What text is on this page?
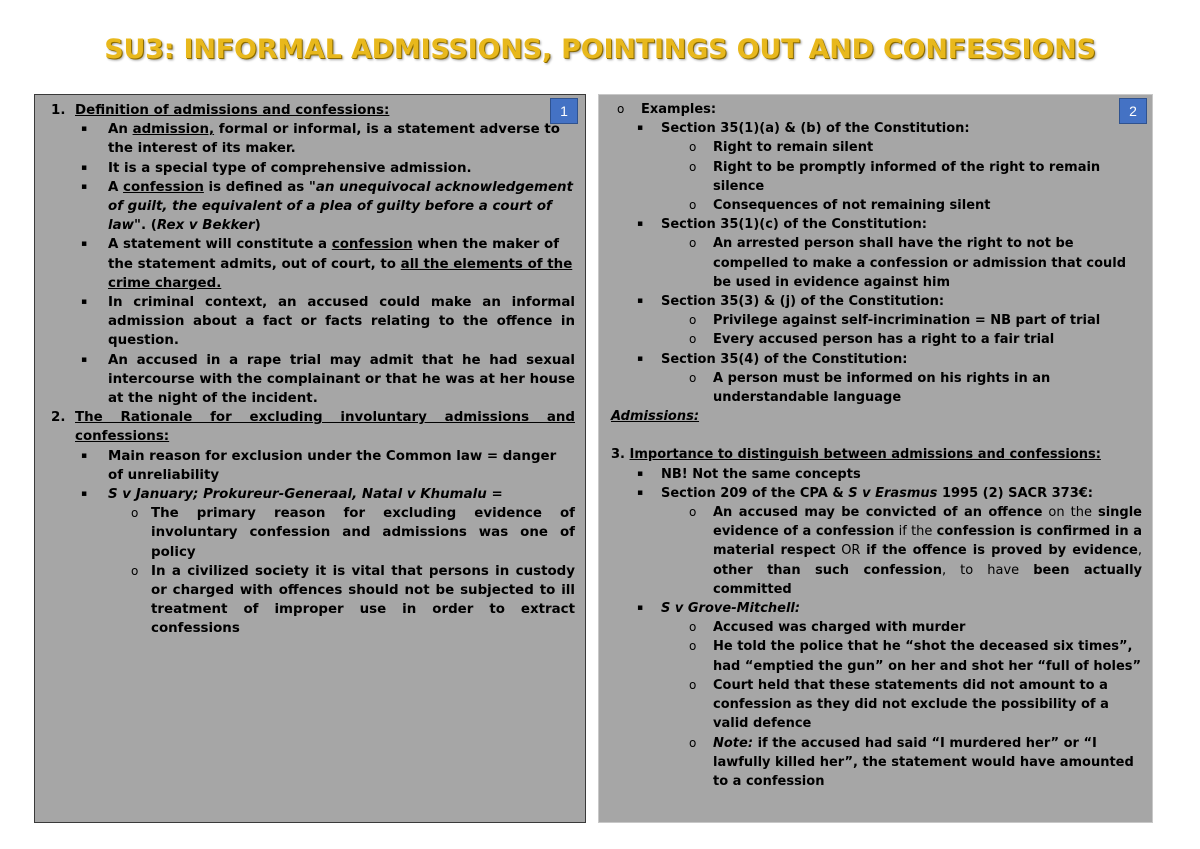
SU3: INFORMAL ADMISSIONS, POINTINGS OUT AND CONFESSIONS
1
1. Definition of admissions and confessions:
▪ An admission, formal or informal, is a statement adverse to the interest of its maker.
▪ It is a special type of comprehensive admission.
▪ A confession is defined as "an unequivocal acknowledgement of guilt, the equivalent of a plea of guilty before a court of law". (Rex v Bekker)
▪ A statement will constitute a confession when the maker of the statement admits, out of court, to all the elements of the crime charged.
▪ In criminal context, an accused could make an informal admission about a fact or facts relating to the offence in question.
▪ An accused in a rape trial may admit that he had sexual intercourse with the complainant or that he was at her house at the night of the incident.
2. The Rationale for excluding involuntary admissions and confessions:
▪ Main reason for exclusion under the Common law = danger of unreliability
▪ S v January; Prokureur-Generaal, Natal v Khumalu =
o The primary reason for excluding evidence of involuntary confession and admissions was one of policy
o In a civilized society it is vital that persons in custody or charged with offences should not be subjected to ill treatment of improper use in order to extract confessions
2
o Examples:
▪ Section 35(1)(a) & (b) of the Constitution:
o Right to remain silent
o Right to be promptly informed of the right to remain silence
o Consequences of not remaining silent
▪ Section 35(1)(c) of the Constitution:
o An arrested person shall have the right to not be compelled to make a confession or admission that could be used in evidence against him
▪ Section 35(3) & (j) of the Constitution:
o Privilege against self-incrimination = NB part of trial
o Every accused person has a right to a fair trial
▪ Section 35(4) of the Constitution:
o A person must be informed on his rights in an understandable language
Admissions:
3. Importance to distinguish between admissions and confessions:
▪ NB! Not the same concepts
▪ Section 209 of the CPA & S v Erasmus 1995 (2) SACR 373€:
o An accused may be convicted of an offence on the single evidence of a confession if the confession is confirmed in a material respect OR if the offence is proved by evidence, other than such confession, to have been actually committed
▪ S v Grove-Mitchell:
o Accused was charged with murder
o He told the police that he “shot the deceased six times”, had “emptied the gun” on her and shot her “full of holes”
o Court held that these statements did not amount to a confession as they did not exclude the possibility of a valid defence
o Note: if the accused had said “I murdered her” or “I lawfully killed her”, the statement would have amounted to a confession
